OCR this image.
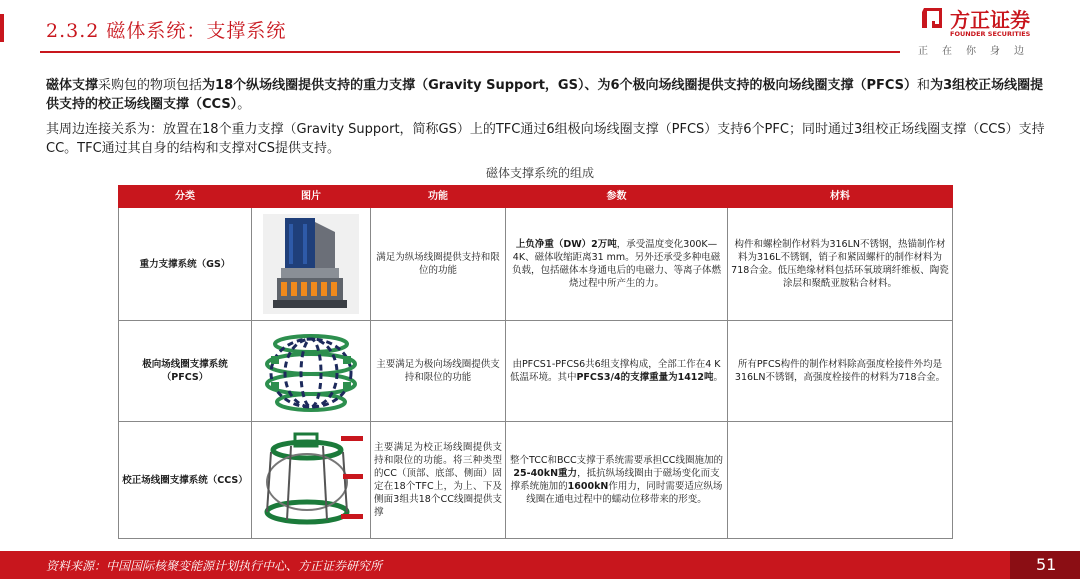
2.3.2 磁体系统：支撑系统	方正证券
FOUNDER SECURITIES
正在你身边
磁体支撑采购包的物项包括为18个纵场线圈提供支持的重力支撑（Gravity Support，GS）、为6个极向场线圈提供支持的极向场线圈支撑（PFCS）和为3组校正场线圈提供支持的校正场线圈支撑（CCS）。
其周边连接关系为：放置在18个重力支撑（Gravity Support，简称GS）上的TFC通过6组极向场线圈支撑（PFCS）支持6个PFC；同时通过3组校正场线圈支撑（CCS）支持CC。TFC通过其自身的结构和支撑对CS提供支持。
磁体支撑系统的组成
分类	图片	功能	参数	材料
重力支撑系统（GS）		满足为纵场线圈提供支持和限位的功能	上负净重（DW）2万吨，承受温度变化300K—4K、磁体收缩距离31 mm。另外还承受多种电磁负载，包括磁体本身通电后的电磁力、等离子体燃烧过程中所产生的力。	构件和螺栓制作材料为316LN不锈钢，热锚制作材料为316L不锈钢，销子和紧固螺杆的制作材料为718合金。低压绝缘材料包括环氧玻璃纤维板、陶瓷涂层和聚酰亚胺粘合材料。
极向场线圈支撑系统（PFCS）		主要满足为极向场线圈提供支持和限位的功能	由PFCS1-PFCS6共6组支撑构成，全部工作在4 K低温环境。其中PFCS3/4的支撑重量为1412吨。	所有PFCS构件的制作材料除高强度栓接件外均是316LN不锈钢，高强度栓接件的材料为718合金。
校正场线圈支撑系统（CCS）		主要满足为校正场线圈提供支持和限位的功能。将三种类型的CC（顶部、底部、侧面）固定在18个TFC上，为上、下及侧面3组共18个CC线圈提供支撑	整个TCC和BCC支撑于系统需要承担CC线圈施加的25-40kN重力，抵抗纵场线圈由于磁场变化而支撑系统施加的1600kN作用力，同时需要适应纵场线圈在通电过程中的蠕动位移带来的形变。	
资料来源：中国国际核聚变能源计划执行中心、方正证券研究所	51
